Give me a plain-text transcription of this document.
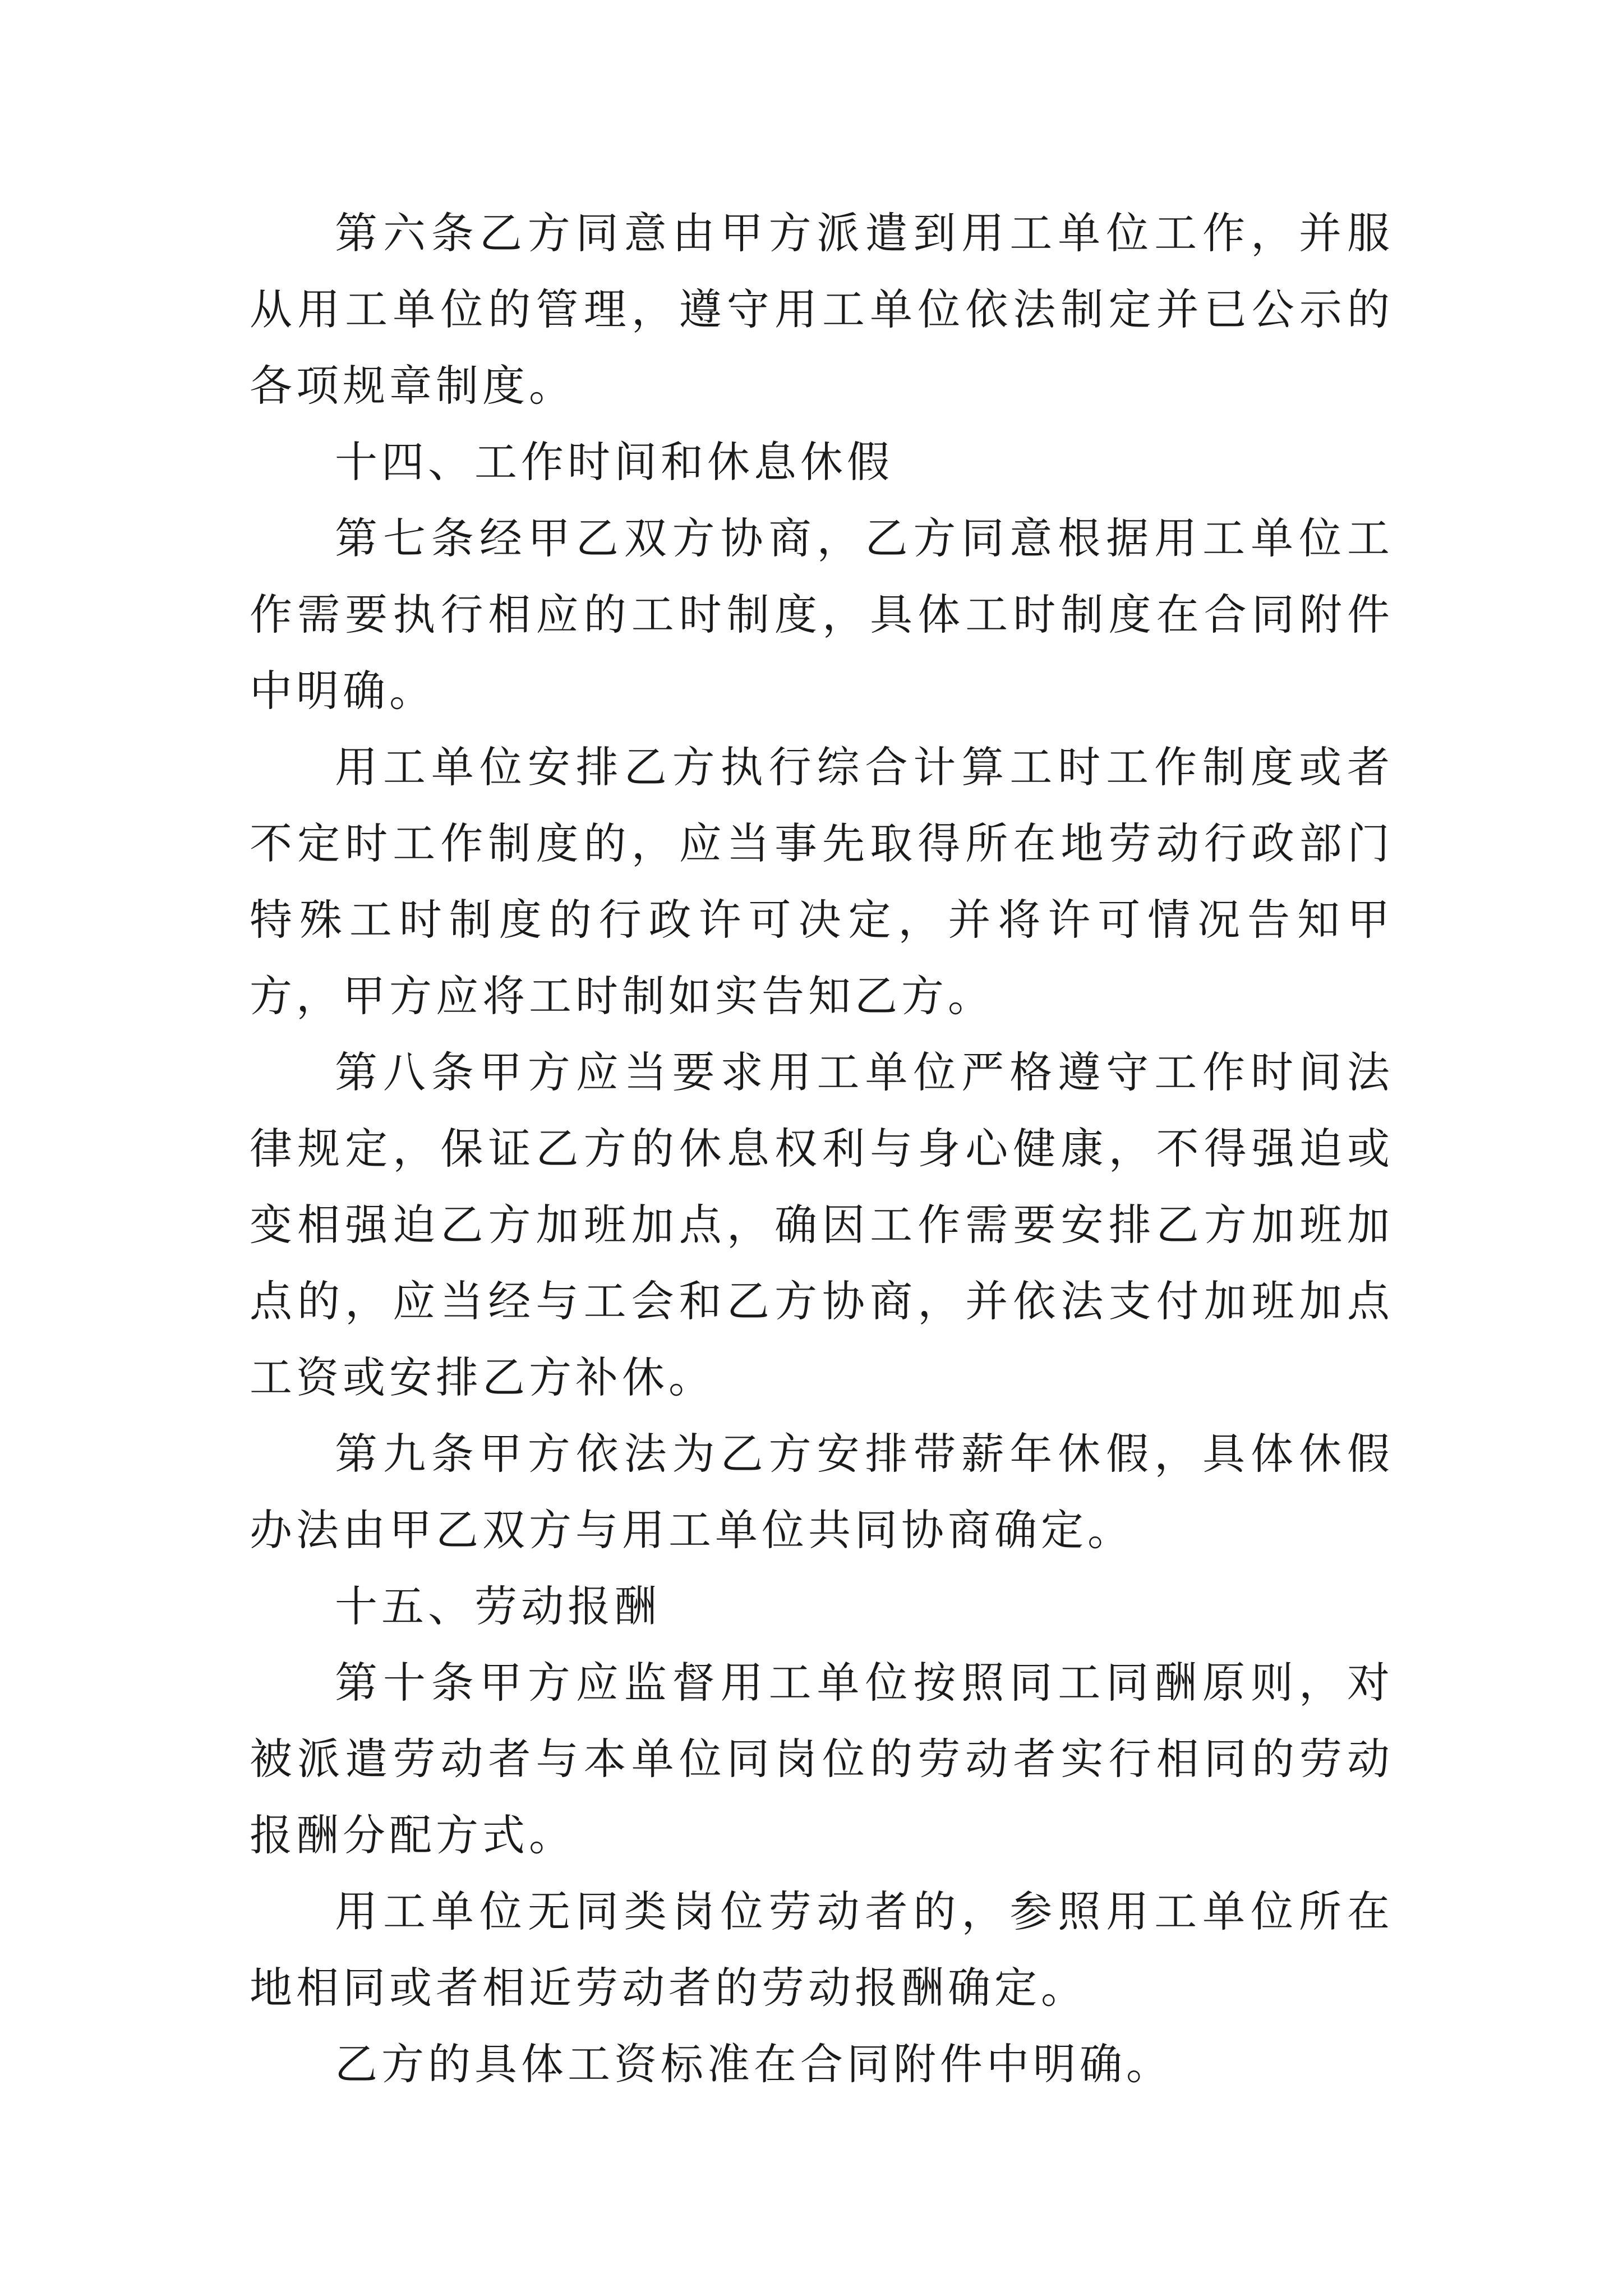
第六条乙方同意由甲方派遣到用工单位工作，并服从用工单位的管理，遵守用工单位依法制定并已公示的各项规章制度。

十四、工作时间和休息休假

第七条经甲乙双方协商，乙方同意根据用工单位工作需要执行相应的工时制度，具体工时制度在合同附件中明确。

用工单位安排乙方执行综合计算工时工作制度或者不定时工作制度的，应当事先取得所在地劳动行政部门特殊工时制度的行政许可决定，并将许可情况告知甲方，甲方应将工时制如实告知乙方。

第八条甲方应当要求用工单位严格遵守工作时间法律规定，保证乙方的休息权利与身心健康，不得强迫或变相强迫乙方加班加点，确因工作需要安排乙方加班加点的，应当经与工会和乙方协商，并依法支付加班加点工资或安排乙方补休。

第九条甲方依法为乙方安排带薪年休假，具体休假办法由甲乙双方与用工单位共同协商确定。

十五、劳动报酬

第十条甲方应监督用工单位按照同工同酬原则，对被派遣劳动者与本单位同岗位的劳动者实行相同的劳动报酬分配方式。

用工单位无同类岗位劳动者的，参照用工单位所在地相同或者相近劳动者的劳动报酬确定。

乙方的具体工资标准在合同附件中明确。
